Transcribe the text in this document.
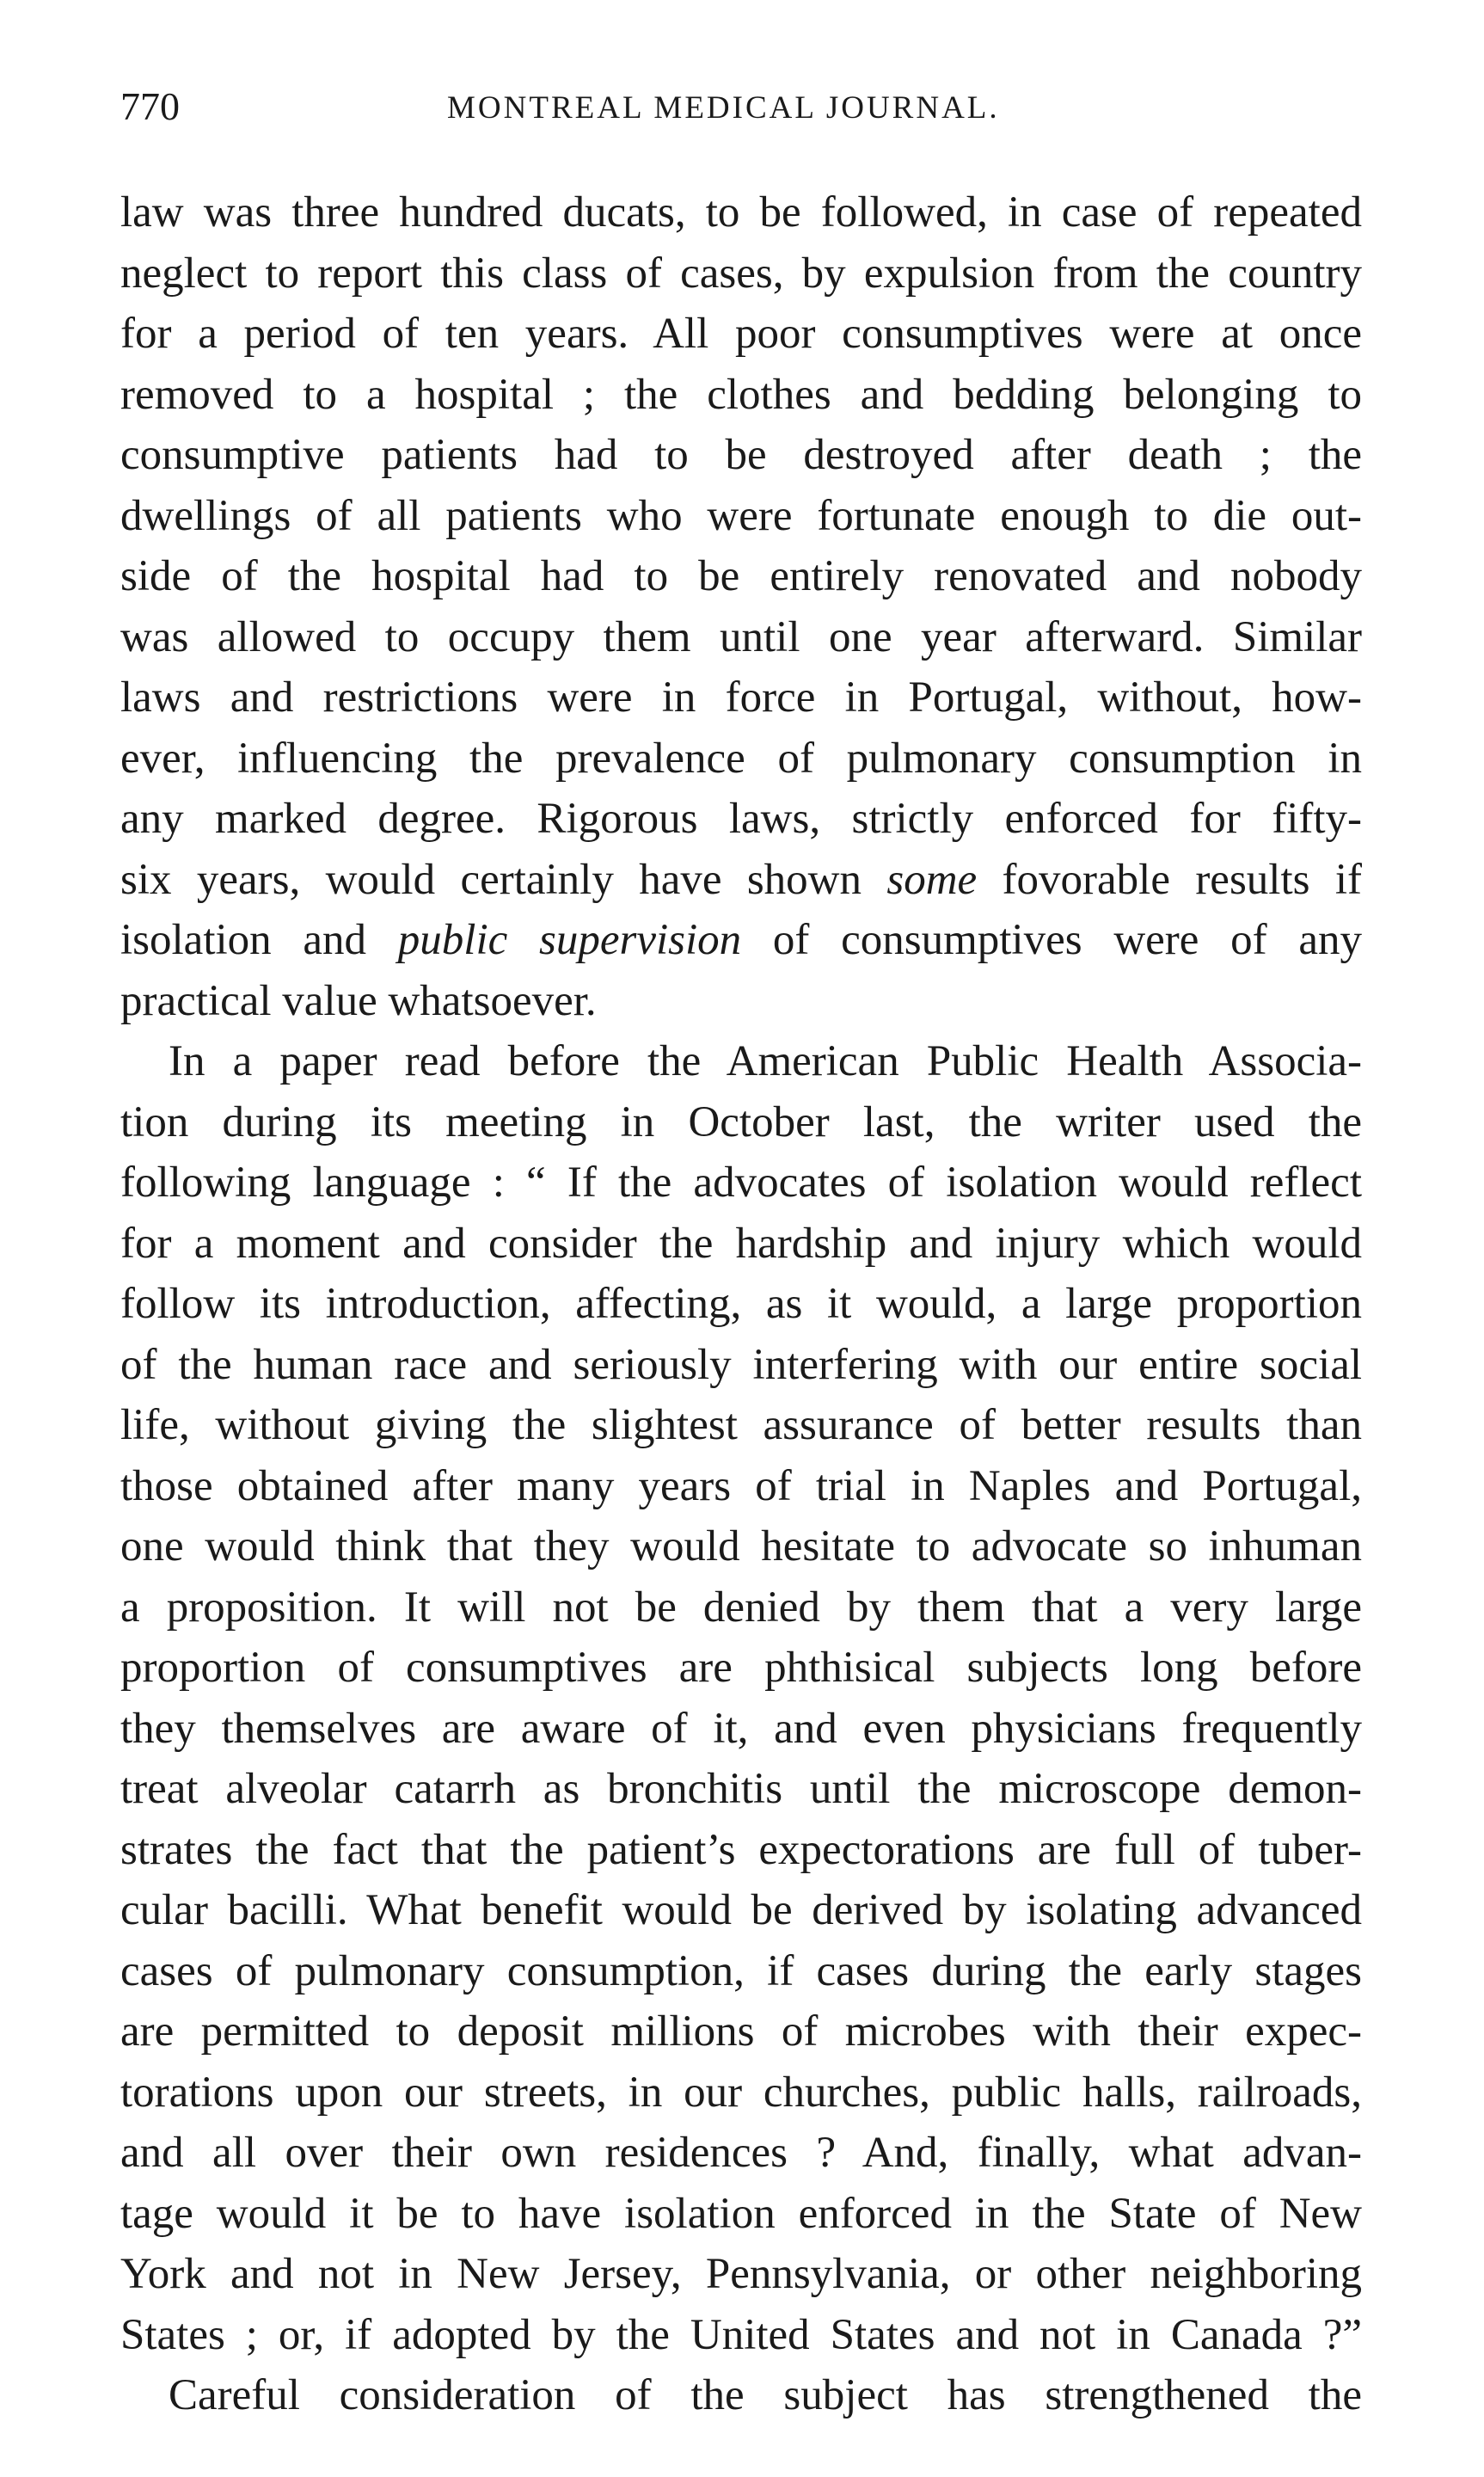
770	MONTREAL MEDICAL JOURNAL.
law was three hundred ducats, to be followed, in case of repeated
neglect to report this class of cases, by expulsion from the country
for a period of ten years. All poor consumptives were at once
removed to a hospital ; the clothes and bedding belonging to
consumptive patients had to be destroyed after death ; the
dwellings of all patients who were fortunate enough to die out-
side of the hospital had to be entirely renovated and nobody
was allowed to occupy them until one year afterward. Similar
laws and restrictions were in force in Portugal, without, how-
ever, influencing the prevalence of pulmonary consumption in
any marked degree. Rigorous laws, strictly enforced for fifty-
six years, would certainly have shown some fovorable results if
isolation and public supervision of consumptives were of any
practical value whatsoever.
In a paper read before the American Public Health Associa-
tion during its meeting in October last, the writer used the
following language : “ If the advocates of isolation would reflect
for a moment and consider the hardship and injury which would
follow its introduction, affecting, as it would, a large proportion
of the human race and seriously interfering with our entire social
life, without giving the slightest assurance of better results than
those obtained after many years of trial in Naples and Portugal,
one would think that they would hesitate to advocate so inhuman
a proposition. It will not be denied by them that a very large
proportion of consumptives are phthisical subjects long before
they themselves are aware of it, and even physicians frequently
treat alveolar catarrh as bronchitis until the microscope demon-
strates the fact that the patient’s expectorations are full of tuber-
cular bacilli. What benefit would be derived by isolating advanced
cases of pulmonary consumption, if cases during the early stages
are permitted to deposit millions of microbes with their expec-
torations upon our streets, in our churches, public halls, railroads,
and all over their own residences ? And, finally, what advan-
tage would it be to have isolation enforced in the State of New
York and not in New Jersey, Pennsylvania, or other neighboring
States ; or, if adopted by the United States and not in Canada ?”
Careful consideration of the subject has strengthened the
